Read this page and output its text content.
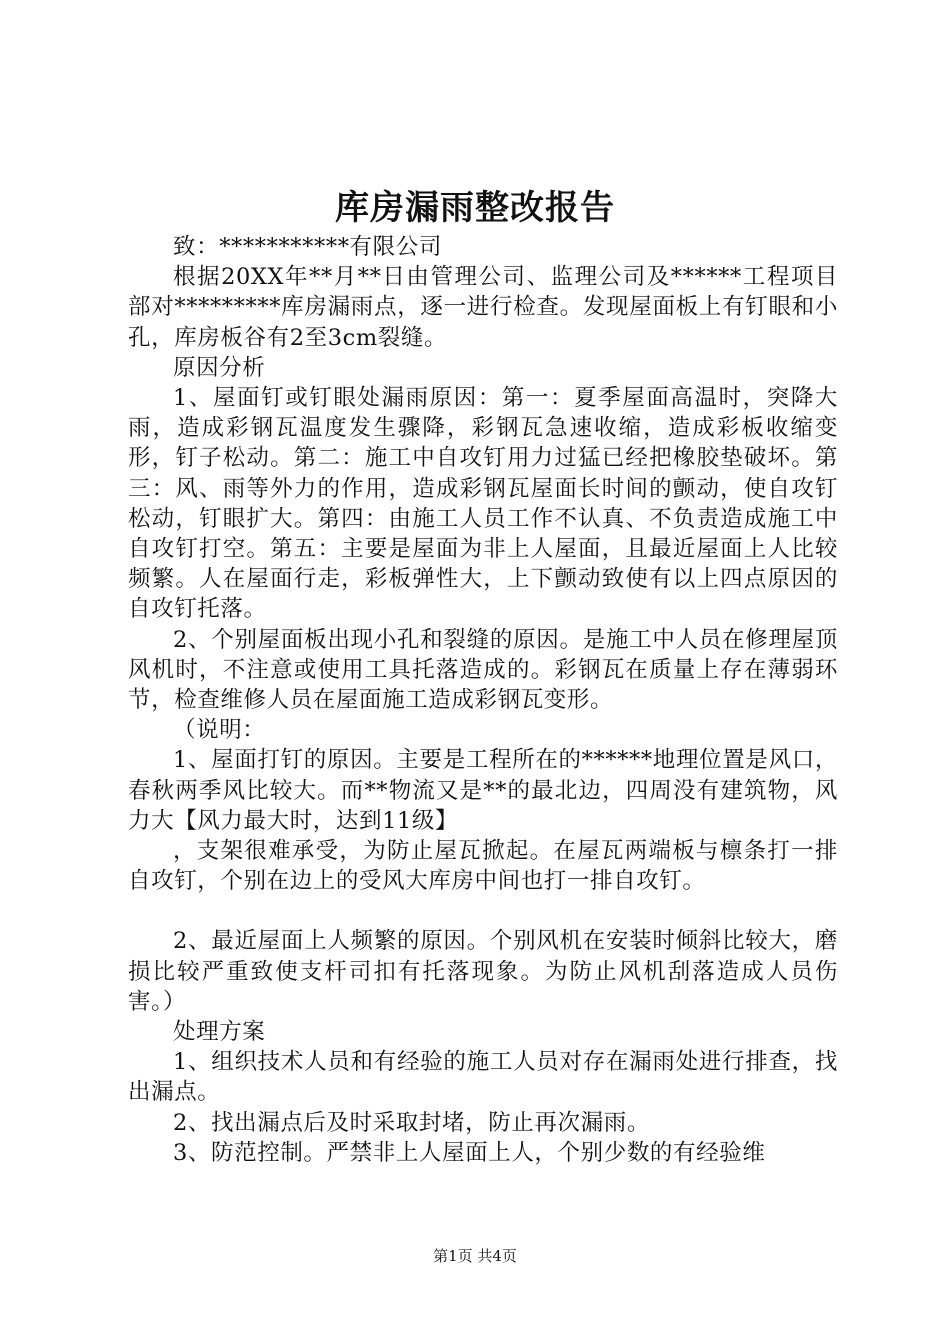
库房漏雨整改报告

致：***********有限公司

根据20XX年**月**日由管理公司、监理公司及******工程项目部对*********库房漏雨点，逐一进行检查。发现屋面板上有钉眼和小孔，库房板谷有2至3cm裂缝。

原因分析

1、屋面钉或钉眼处漏雨原因：第一：夏季屋面高温时，突降大雨，造成彩钢瓦温度发生骤降，彩钢瓦急速收缩，造成彩板收缩变形，钉子松动。第二：施工中自攻钉用力过猛已经把橡胶垫破坏。第三：风、雨等外力的作用，造成彩钢瓦屋面长时间的颤动，使自攻钉松动，钉眼扩大。第四：由施工人员工作不认真、不负责造成施工中自攻钉打空。第五：主要是屋面为非上人屋面，且最近屋面上人比较频繁。人在屋面行走，彩板弹性大，上下颤动致使有以上四点原因的自攻钉托落。

2、个别屋面板出现小孔和裂缝的原因。是施工中人员在修理屋顶风机时，不注意或使用工具托落造成的。彩钢瓦在质量上存在薄弱环节，检查维修人员在屋面施工造成彩钢瓦变形。

（说明：

1、屋面打钉的原因。主要是工程所在的******地理位置是风口，春秋两季风比较大。而**物流又是**的最北边，四周没有建筑物，风力大【风力最大时，达到11级】

，支架很难承受，为防止屋瓦掀起。在屋瓦两端板与檩条打一排自攻钉，个别在边上的受风大库房中间也打一排自攻钉。

2、最近屋面上人频繁的原因。个别风机在安装时倾斜比较大，磨损比较严重致使支杆司扣有托落现象。为防止风机刮落造成人员伤害。）

处理方案

1、组织技术人员和有经验的施工人员对存在漏雨处进行排查，找出漏点。

2、找出漏点后及时采取封堵，防止再次漏雨。

3、防范控制。严禁非上人屋面上人，个别少数的有经验维

第1页 共4页
